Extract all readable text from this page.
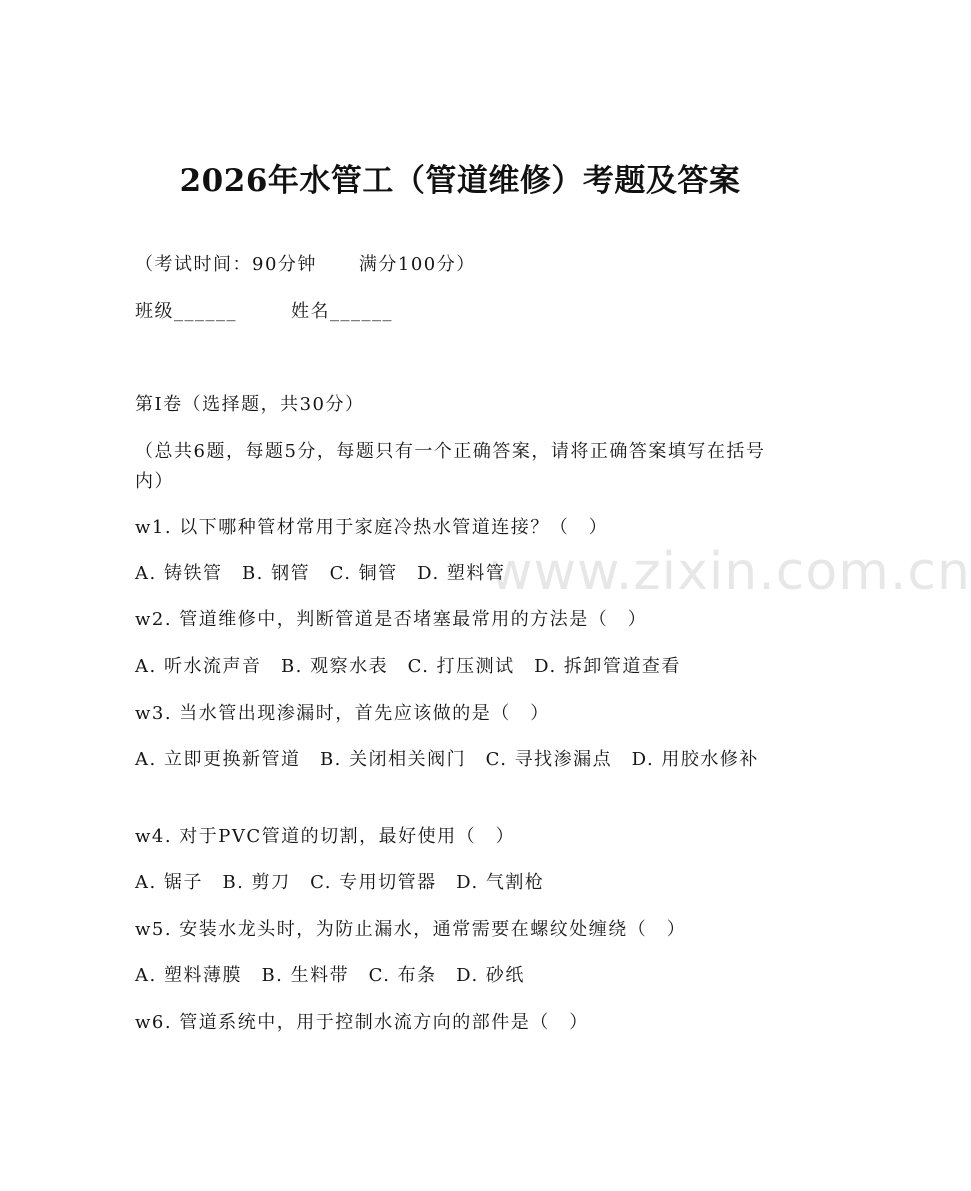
2026年水管工（管道维修）考题及答案
（考试时间：90分钟 满分100分）
班级______	姓名______
第I卷（选择题，共30分）
（总共6题，每题5分，每题只有一个正确答案，请将正确答案填写在括号内）
w1. 以下哪种管材常用于家庭冷热水管道连接？（　）
A. 铸铁管　B. 钢管　C. 铜管　D. 塑料管
w2. 管道维修中，判断管道是否堵塞最常用的方法是（　）
A. 听水流声音　B. 观察水表　C. 打压测试　D. 拆卸管道查看
w3. 当水管出现渗漏时，首先应该做的是（　）
A. 立即更换新管道　B. 关闭相关阀门　C. 寻找渗漏点　D. 用胶水修补
w4. 对于PVC管道的切割，最好使用（　）
A. 锯子　B. 剪刀　C. 专用切管器　D. 气割枪
w5. 安装水龙头时，为防止漏水，通常需要在螺纹处缠绕（　）
A. 塑料薄膜　B. 生料带　C. 布条　D. 砂纸
w6. 管道系统中，用于控制水流方向的部件是（　）
www.zixin.com.cn
